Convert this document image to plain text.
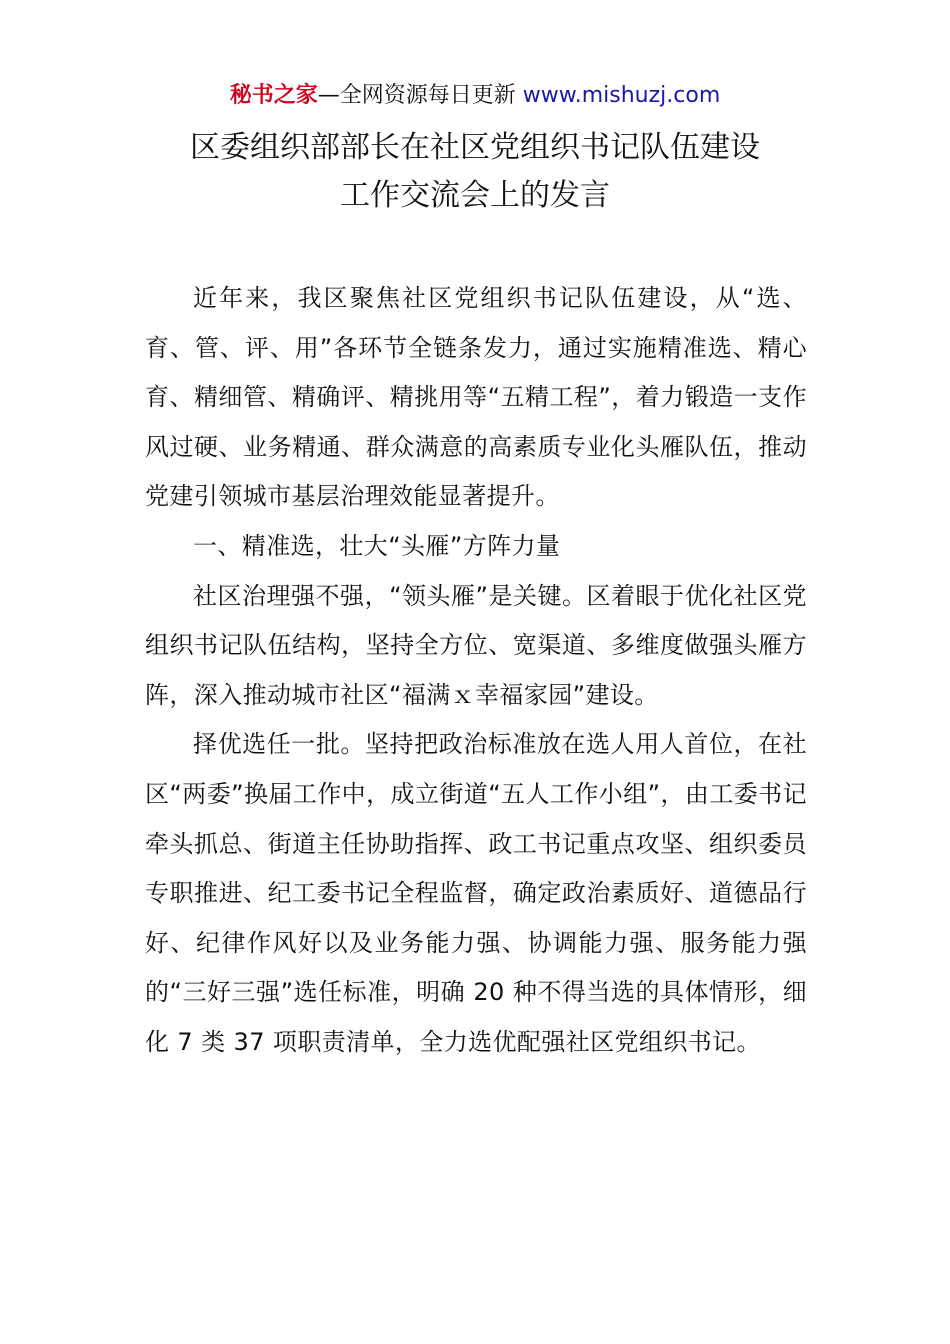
秘书之家—全网资源每日更新 www.mishuzj.com
区委组织部部长在社区党组织书记队伍建设
工作交流会上的发言

近年来，我区聚焦社区党组织书记队伍建设，从“选、育、管、评、用”各环节全链条发力，通过实施精准选、精心育、精细管、精确评、精挑用等“五精工程”，着力锻造一支作风过硬、业务精通、群众满意的高素质专业化头雁队伍，推动党建引领城市基层治理效能显著提升。

一、精准选，壮大“头雁”方阵力量

社区治理强不强，“领头雁”是关键。区着眼于优化社区党组织书记队伍结构，坚持全方位、宽渠道、多维度做强头雁方阵，深入推动城市社区“福满ｘ幸福家园”建设。

择优选任一批。坚持把政治标准放在选人用人首位，在社区“两委”换届工作中，成立街道“五人工作小组”，由工委书记牵头抓总、街道主任协助指挥、政工书记重点攻坚、组织委员专职推进、纪工委书记全程监督，确定政治素质好、道德品行好、纪律作风好以及业务能力强、协调能力强、服务能力强的“三好三强”选任标准，明确 20 种不得当选的具体情形，细化 7 类 37 项职责清单，全力选优配强社区党组织书记。
